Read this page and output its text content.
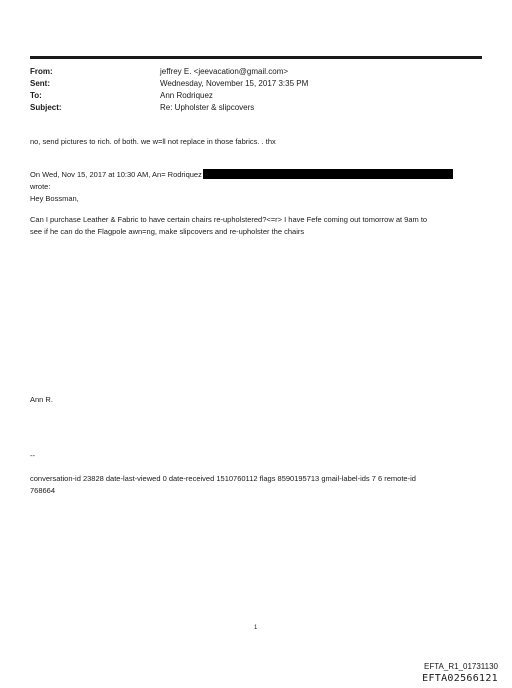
From:	jeffrey E. <jeevacation@gmail.com>
Sent:	Wednesday, November 15, 2017 3:35 PM
To:	Ann Rodriquez
Subject:	Re: Upholster & slipcovers
no, send pictures to rich. of both. we w=ll not replace in those fabrics. . thx
On Wed, Nov 15, 2017 at 10:30 AM, An= Rodriquez
wrote:
Hey Bossman,
Can I purchase Leather & Fabric to have certain chairs re-upholstered?<=r> I have Fefe coming out tomorrow at 9am to
see if he can do the Flagpole awn=ng, make slipcovers and re-upholster the chairs
Ann R.
--
conversation-id 23828 date-last-viewed 0 date-received 1510760112 flags 8590195713 gmail-label-ids 7 6 remote-id
768664
1
EFTA_R1_01731130
EFTA02566121
